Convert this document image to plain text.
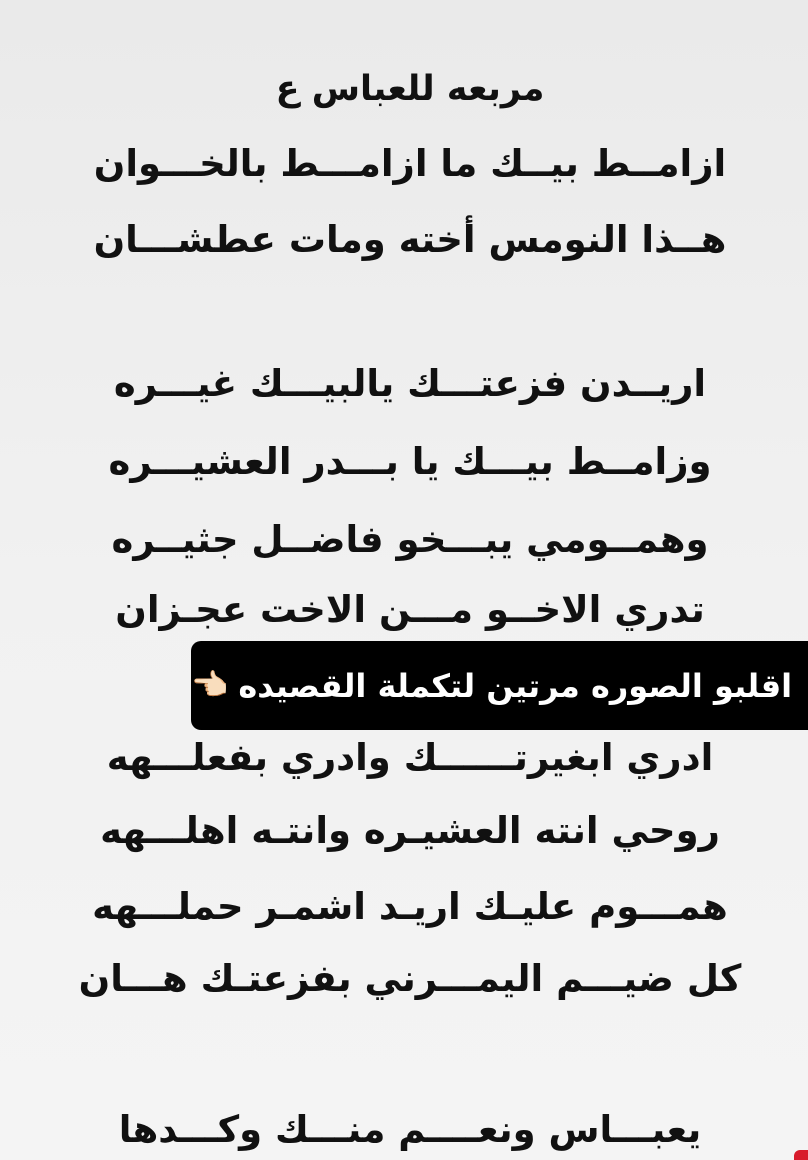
مربعه للعباس ع
ازامــط بيــك ما ازامـــط بالخـــوان
هــذا النومس أخته ومات عطشـــان
اريــدن فزعتـــك يالبيـــك غيـــره
وزامــط بيـــك يا بـــدر العشيـــره
وهمــومي يبـــخو فاضــل جثيــره
تدري الاخــو مـــن الاخت عجـزان
ادري ابغيرتــــــك وادري بفعلـــهه
روحي انته العشيـره وانتـه اهلـــهه
همـــوم عليـك اريـد اشمـر حملـــهه
كل ضيـــم اليمـــرني بفزعتـك هـــان
يعبـــاس ونعــــم منـــك وكـــدها
اقلبو الصوره مرتين لتكملة القصيده
👈🏻
